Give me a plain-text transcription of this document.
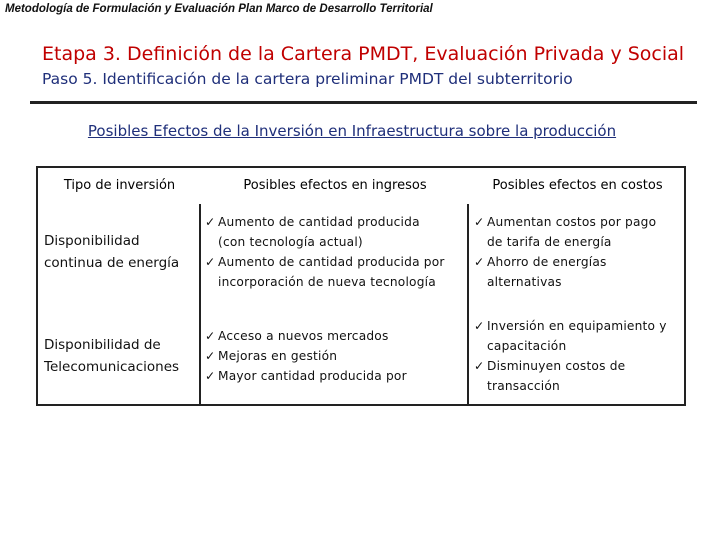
Metodología de Formulación y Evaluación Plan Marco de Desarrollo Territorial
Etapa 3. Definición de la Cartera PMDT, Evaluación Privada y Social
Paso 5. Identificación de la cartera preliminar PMDT del subterritorio
Posibles Efectos de la Inversión en Infraestructura sobre la producción
Tipo de inversión	Posibles efectos en ingresos	Posibles efectos en costos
Disponibilidad
continua de energía
✓ Aumento de cantidad producida
(con tecnología actual)
✓ Aumento de cantidad producida por
incorporación de nueva tecnología
✓ Aumentan costos por pago
de tarifa de energía
✓ Ahorro de energías
alternativas
Disponibilidad de
Telecomunicaciones
✓ Acceso a nuevos mercados
✓ Mejoras en gestión
✓ Mayor cantidad producida por
✓ Inversión en equipamiento y
capacitación
✓ Disminuyen costos de
transacción
